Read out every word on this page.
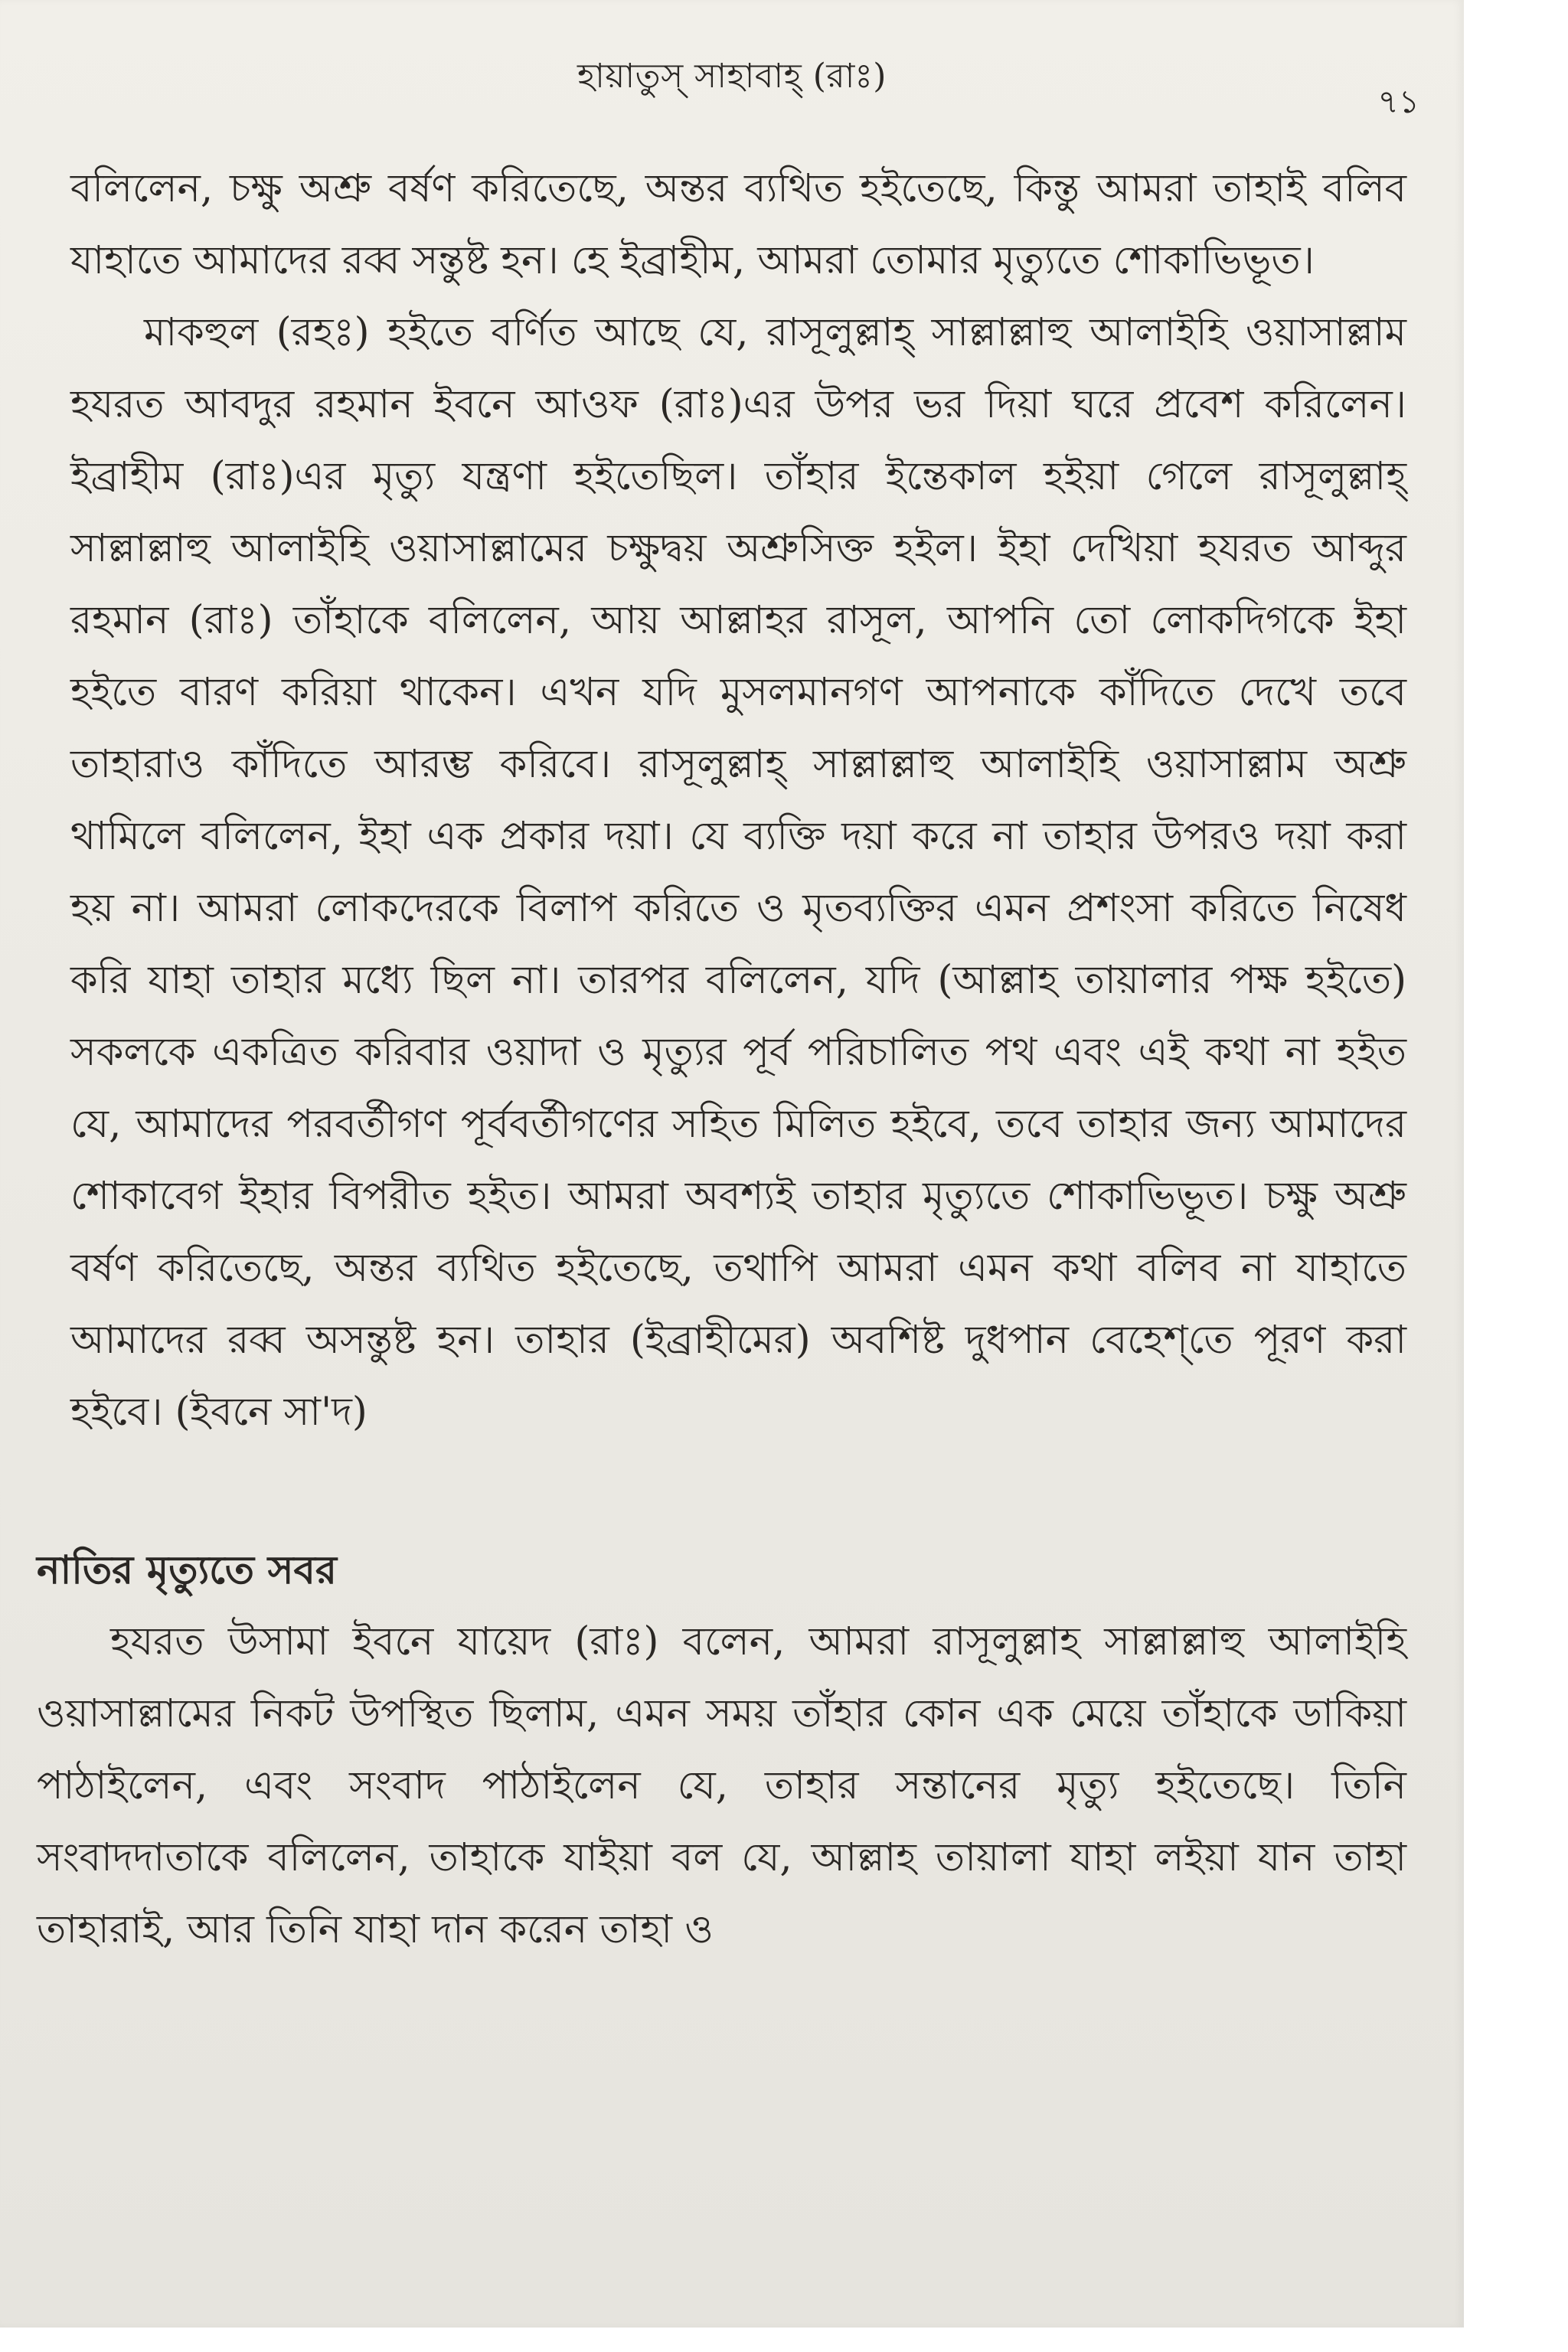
হায়াতুস্ সাহাবাহ্ (রাঃ)
৭১

বলিলেন, চক্ষু অশ্রু বর্ষণ করিতেছে, অন্তর ব্যথিত হইতেছে, কিন্তু আমরা তাহাই বলিব যাহাতে আমাদের রব্ব সন্তুষ্ট হন। হে ইব্রাহীম, আমরা তোমার মৃত্যুতে শোকাভিভূত।

মাকহুল (রহঃ) হইতে বর্ণিত আছে যে, রাসূলুল্লাহ্ সাল্লাল্লাহু আলাইহি ওয়াসাল্লাম হযরত আবদুর রহমান ইবনে আওফ (রাঃ)এর উপর ভর দিয়া ঘরে প্রবেশ করিলেন। ইব্রাহীম (রাঃ)এর মৃত্যু যন্ত্রণা হইতেছিল। তাঁহার ইন্তেকাল হইয়া গেলে রাসূলুল্লাহ্ সাল্লাল্লাহু আলাইহি ওয়াসাল্লামের চক্ষুদ্বয় অশ্রুসিক্ত হইল। ইহা দেখিয়া হযরত আব্দুর রহমান (রাঃ) তাঁহাকে বলিলেন, আয় আল্লাহর রাসূল, আপনি তো লোকদিগকে ইহা হইতে বারণ করিয়া থাকেন। এখন যদি মুসলমানগণ আপনাকে কাঁদিতে দেখে তবে তাহারাও কাঁদিতে আরম্ভ করিবে। রাসূলুল্লাহ্ সাল্লাল্লাহু আলাইহি ওয়াসাল্লাম অশ্রু থামিলে বলিলেন, ইহা এক প্রকার দয়া। যে ব্যক্তি দয়া করে না তাহার উপরও দয়া করা হয় না। আমরা লোকদেরকে বিলাপ করিতে ও মৃতব্যক্তির এমন প্রশংসা করিতে নিষেধ করি যাহা তাহার মধ্যে ছিল না। তারপর বলিলেন, যদি (আল্লাহ তায়ালার পক্ষ হইতে) সকলকে একত্রিত করিবার ওয়াদা ও মৃত্যুর পূর্ব পরিচালিত পথ এবং এই কথা না হইত যে, আমাদের পরবর্তীগণ পূর্ববর্তীগণের সহিত মিলিত হইবে, তবে তাহার জন্য আমাদের শোকাবেগ ইহার বিপরীত হইত। আমরা অবশ্যই তাহার মৃত্যুতে শোকাভিভূত। চক্ষু অশ্রু বর্ষণ করিতেছে, অন্তর ব্যথিত হইতেছে, তথাপি আমরা এমন কথা বলিব না যাহাতে আমাদের রব্ব অসন্তুষ্ট হন। তাহার (ইব্রাহীমের) অবশিষ্ট দুধপান বেহেশ্‌তে পূরণ করা হইবে। (ইবনে সা'দ)

নাতির মৃত্যুতে সবর

হযরত উসামা ইবনে যায়েদ (রাঃ) বলেন, আমরা রাসূলুল্লাহ সাল্লাল্লাহু আলাইহি ওয়াসাল্লামের নিকট উপস্থিত ছিলাম, এমন সময় তাঁহার কোন এক মেয়ে তাঁহাকে ডাকিয়া পাঠাইলেন, এবং সংবাদ পাঠাইলেন যে, তাহার সন্তানের মৃত্যু হইতেছে। তিনি সংবাদদাতাকে বলিলেন, তাহাকে যাইয়া বল যে, আল্লাহ তায়ালা যাহা লইয়া যান তাহা তাহারাই, আর তিনি যাহা দান করেন তাহা ও
